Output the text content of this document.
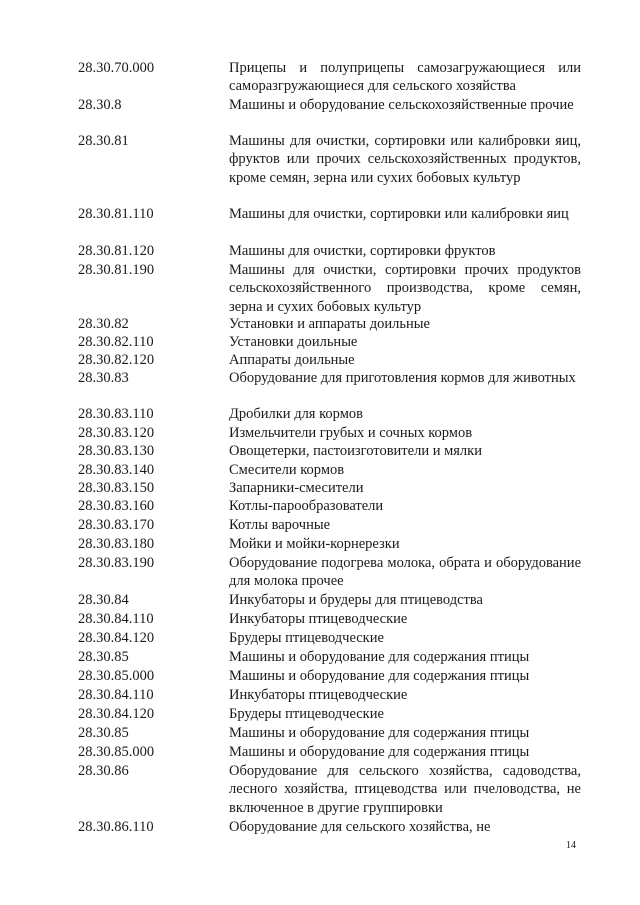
28.30.70.000	Прицепы и полуприцепы самозагружающиеся или саморазгружающиеся для сельского хозяйства
28.30.8	Машины и оборудование сельскохозяйственные прочие
28.30.81	Машины для очистки, сортировки или калибровки яиц, фруктов или прочих сельскохозяйственных продуктов, кроме семян, зерна или сухих бобовых культур
28.30.81.110	Машины для очистки, сортировки или калибровки яиц
28.30.81.120	Машины для очистки, сортировки фруктов
28.30.81.190	Машины для очистки, сортировки прочих продуктов сельскохозяйственного производства, кроме семян, зерна и сухих бобовых культур
28.30.82	Установки и аппараты доильные
28.30.82.110	Установки доильные
28.30.82.120	Аппараты доильные
28.30.83	Оборудование для приготовления кормов для животных
28.30.83.110	Дробилки для кормов
28.30.83.120	Измельчители грубых и сочных кормов
28.30.83.130	Овощетерки, пастоизготовители и мялки
28.30.83.140	Смесители кормов
28.30.83.150	Запарники-смесители
28.30.83.160	Котлы-парообразователи
28.30.83.170	Котлы варочные
28.30.83.180	Мойки и мойки-корнерезки
28.30.83.190	Оборудование подогрева молока, обрата и оборудование для молока прочее
28.30.84	Инкубаторы и брудеры для птицеводства
28.30.84.110	Инкубаторы птицеводческие
28.30.84.120	Брудеры птицеводческие
28.30.85	Машины и оборудование для содержания птицы
28.30.85.000	Машины и оборудование для содержания птицы
28.30.84.110	Инкубаторы птицеводческие
28.30.84.120	Брудеры птицеводческие
28.30.85	Машины и оборудование для содержания птицы
28.30.85.000	Машины и оборудование для содержания птицы
28.30.86	Оборудование для сельского хозяйства, садоводства, лесного хозяйства, птицеводства или пчеловодства, не включенное в другие группировки
28.30.86.110	Оборудование для сельского хозяйства, не
14
